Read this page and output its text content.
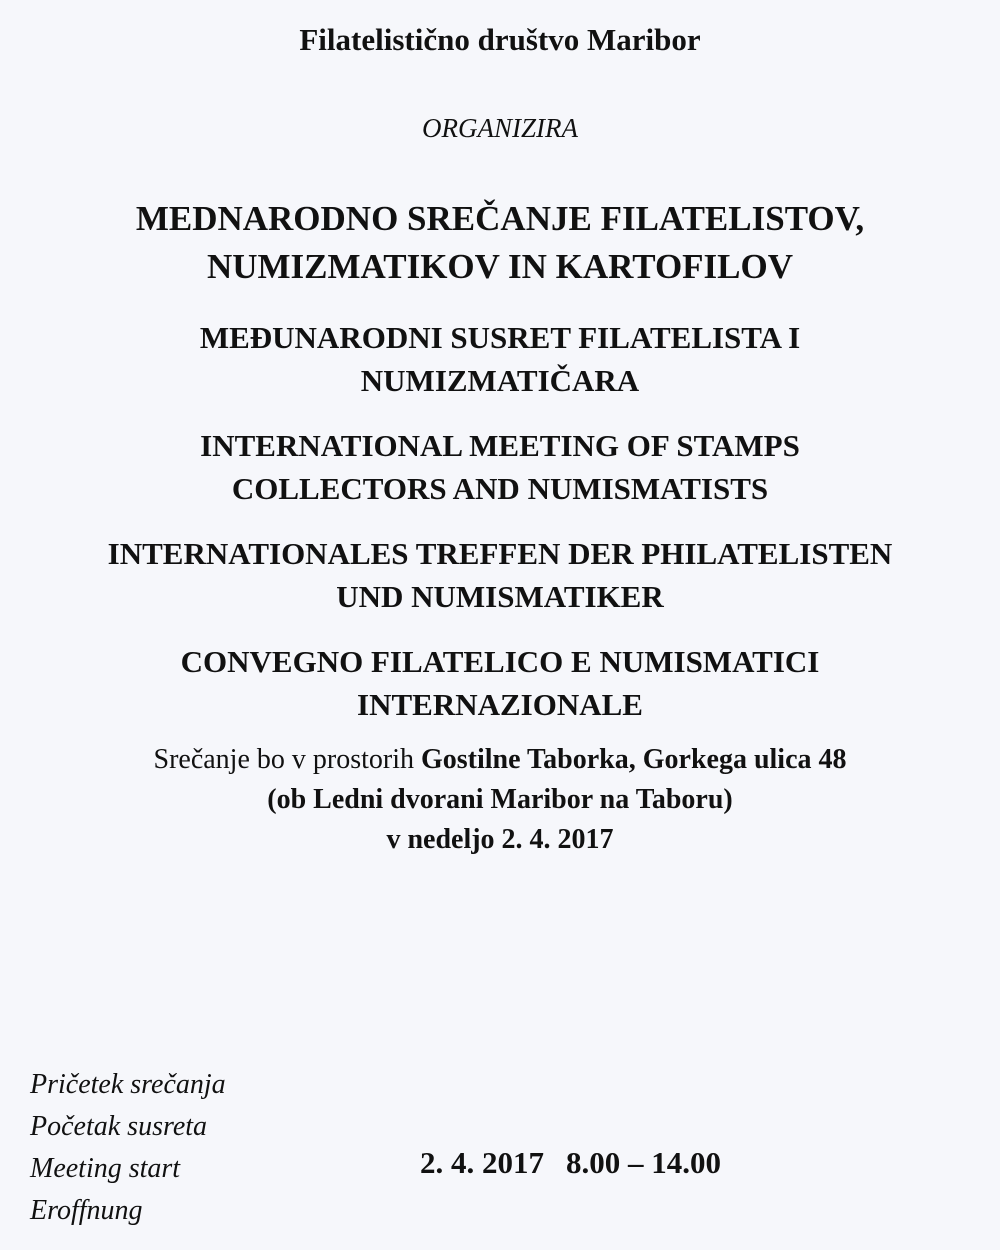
Filatelistično društvo Maribor
ORGANIZIRA
MEDNARODNO SREČANJE FILATELISTOV,
NUMIZMATIKOV IN KARTOFILOV
MEĐUNARODNI SUSRET FILATELISTA I
NUMIZMATIČARA
INTERNATIONAL MEETING OF STAMPS
COLLECTORS AND NUMISMATISTS
INTERNATIONALES TREFFEN DER PHILATELISTEN
UND NUMISMATIKER
CONVEGNO FILATELICO E NUMISMATICI
INTERNAZIONALE
Srečanje bo v prostorih Gostilne Taborka, Gorkega ulica 48
(ob Ledni dvorani Maribor na Taboru)
v nedeljo 2. 4. 2017
Pričetek srečanja
Početak susreta
Meeting start
Eroffnung
2. 4. 2017 8.00 – 14.00
